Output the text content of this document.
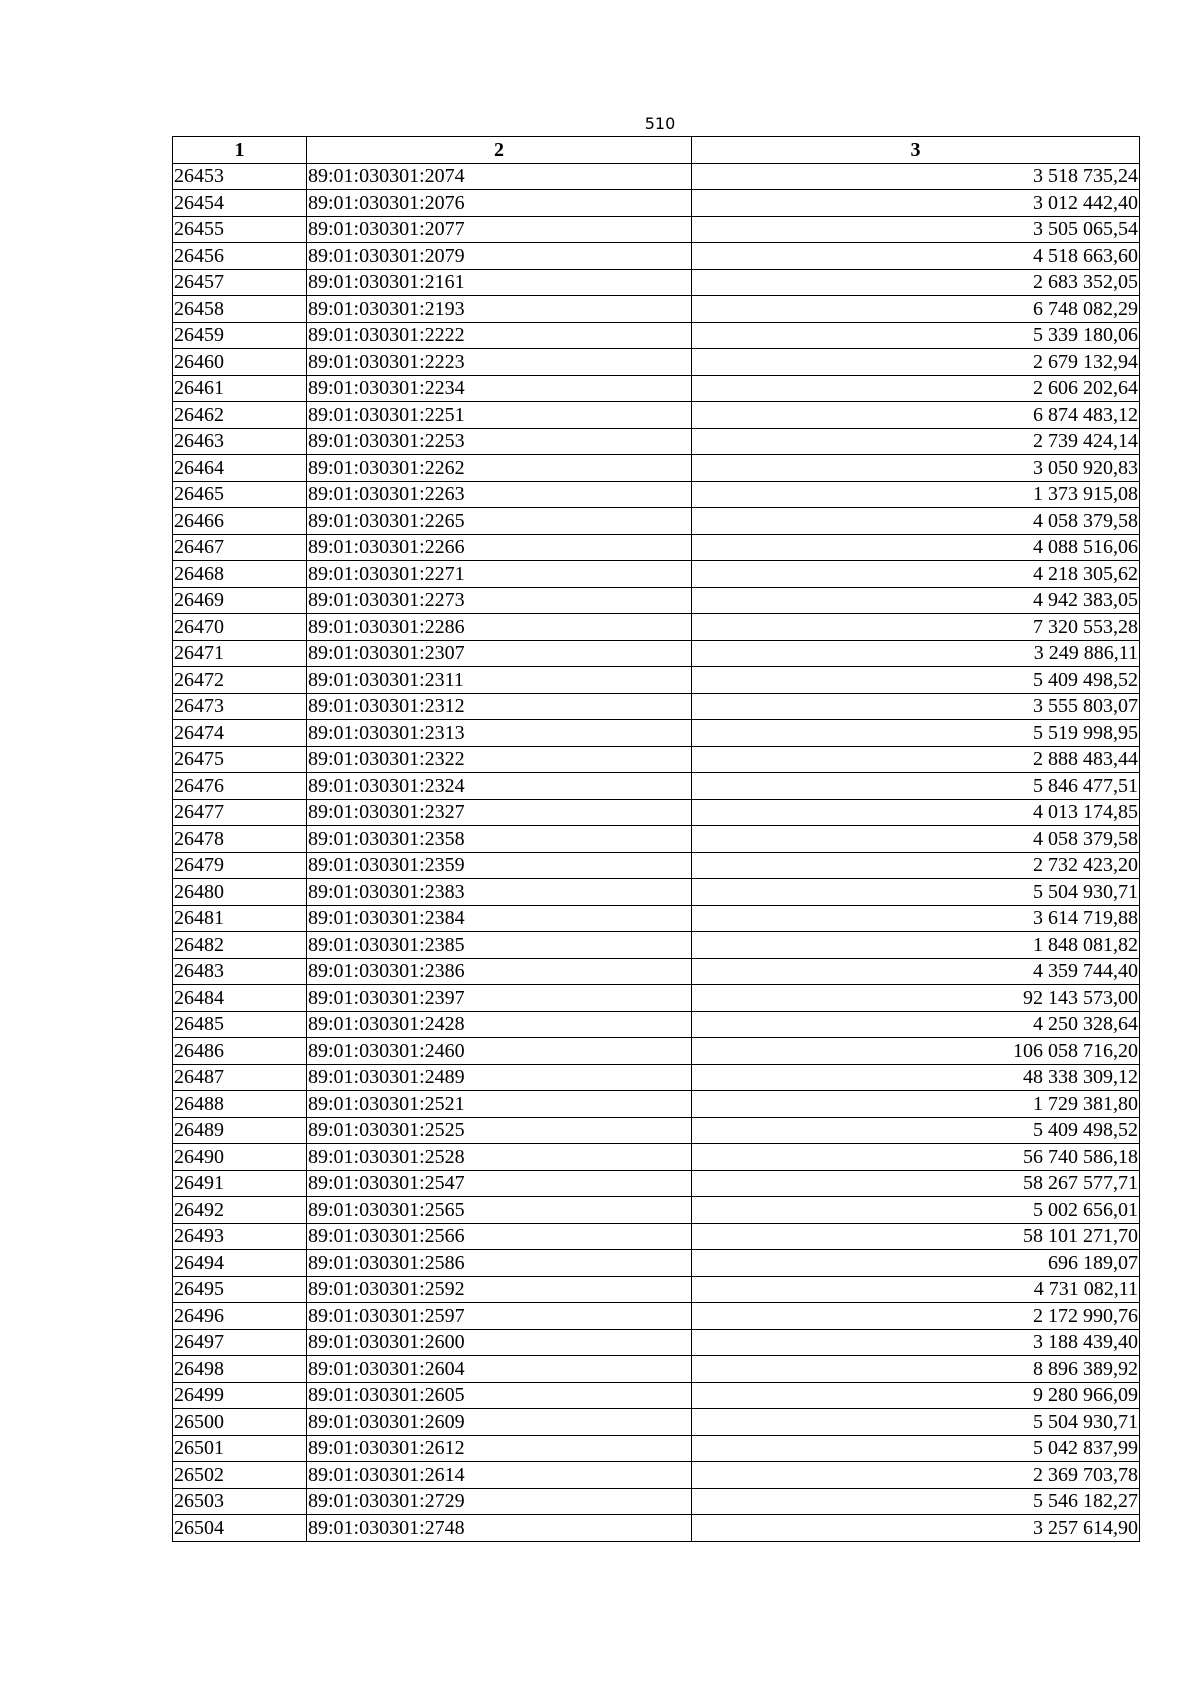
510
1	2	3
26453	89:01:030301:2074	3 518 735,24
26454	89:01:030301:2076	3 012 442,40
26455	89:01:030301:2077	3 505 065,54
26456	89:01:030301:2079	4 518 663,60
26457	89:01:030301:2161	2 683 352,05
26458	89:01:030301:2193	6 748 082,29
26459	89:01:030301:2222	5 339 180,06
26460	89:01:030301:2223	2 679 132,94
26461	89:01:030301:2234	2 606 202,64
26462	89:01:030301:2251	6 874 483,12
26463	89:01:030301:2253	2 739 424,14
26464	89:01:030301:2262	3 050 920,83
26465	89:01:030301:2263	1 373 915,08
26466	89:01:030301:2265	4 058 379,58
26467	89:01:030301:2266	4 088 516,06
26468	89:01:030301:2271	4 218 305,62
26469	89:01:030301:2273	4 942 383,05
26470	89:01:030301:2286	7 320 553,28
26471	89:01:030301:2307	3 249 886,11
26472	89:01:030301:2311	5 409 498,52
26473	89:01:030301:2312	3 555 803,07
26474	89:01:030301:2313	5 519 998,95
26475	89:01:030301:2322	2 888 483,44
26476	89:01:030301:2324	5 846 477,51
26477	89:01:030301:2327	4 013 174,85
26478	89:01:030301:2358	4 058 379,58
26479	89:01:030301:2359	2 732 423,20
26480	89:01:030301:2383	5 504 930,71
26481	89:01:030301:2384	3 614 719,88
26482	89:01:030301:2385	1 848 081,82
26483	89:01:030301:2386	4 359 744,40
26484	89:01:030301:2397	92 143 573,00
26485	89:01:030301:2428	4 250 328,64
26486	89:01:030301:2460	106 058 716,20
26487	89:01:030301:2489	48 338 309,12
26488	89:01:030301:2521	1 729 381,80
26489	89:01:030301:2525	5 409 498,52
26490	89:01:030301:2528	56 740 586,18
26491	89:01:030301:2547	58 267 577,71
26492	89:01:030301:2565	5 002 656,01
26493	89:01:030301:2566	58 101 271,70
26494	89:01:030301:2586	696 189,07
26495	89:01:030301:2592	4 731 082,11
26496	89:01:030301:2597	2 172 990,76
26497	89:01:030301:2600	3 188 439,40
26498	89:01:030301:2604	8 896 389,92
26499	89:01:030301:2605	9 280 966,09
26500	89:01:030301:2609	5 504 930,71
26501	89:01:030301:2612	5 042 837,99
26502	89:01:030301:2614	2 369 703,78
26503	89:01:030301:2729	5 546 182,27
26504	89:01:030301:2748	3 257 614,90
